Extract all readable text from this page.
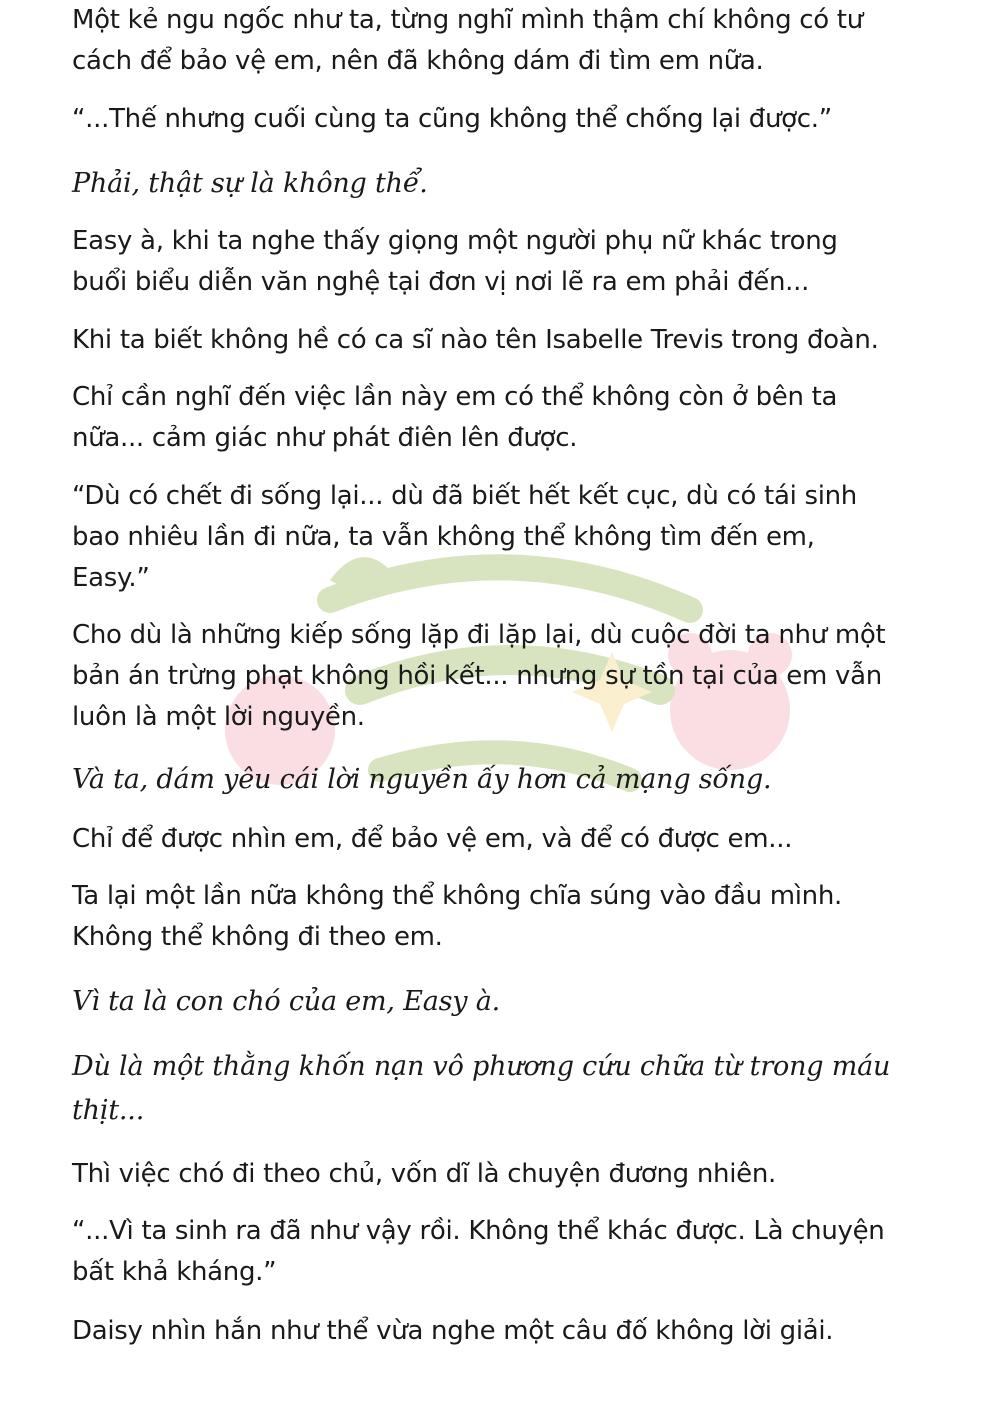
Một kẻ ngu ngốc như ta, từng nghĩ mình thậm chí không có tư
cách để bảo vệ em, nên đã không dám đi tìm em nữa.

“...Thế nhưng cuối cùng ta cũng không thể chống lại được.”

Phải, thật sự là không thể.

Easy à, khi ta nghe thấy giọng một người phụ nữ khác trong
buổi biểu diễn văn nghệ tại đơn vị nơi lẽ ra em phải đến...

Khi ta biết không hề có ca sĩ nào tên Isabelle Trevis trong đoàn.

Chỉ cần nghĩ đến việc lần này em có thể không còn ở bên ta
nữa... cảm giác như phát điên lên được.

“Dù có chết đi sống lại... dù đã biết hết kết cục, dù có tái sinh
bao nhiêu lần đi nữa, ta vẫn không thể không tìm đến em,
Easy.”

Cho dù là những kiếp sống lặp đi lặp lại, dù cuộc đời ta như một
bản án trừng phạt không hồi kết... nhưng sự tồn tại của em vẫn
luôn là một lời nguyền.

Và ta, dám yêu cái lời nguyền ấy hơn cả mạng sống.

Chỉ để được nhìn em, để bảo vệ em, và để có được em...

Ta lại một lần nữa không thể không chĩa súng vào đầu mình.
Không thể không đi theo em.

Vì ta là con chó của em, Easy à.

Dù là một thằng khốn nạn vô phương cứu chữa từ trong máu
thịt...

Thì việc chó đi theo chủ, vốn dĩ là chuyện đương nhiên.

“...Vì ta sinh ra đã như vậy rồi. Không thể khác được. Là chuyện
bất khả kháng.”

Daisy nhìn hắn như thể vừa nghe một câu đố không lời giải.
